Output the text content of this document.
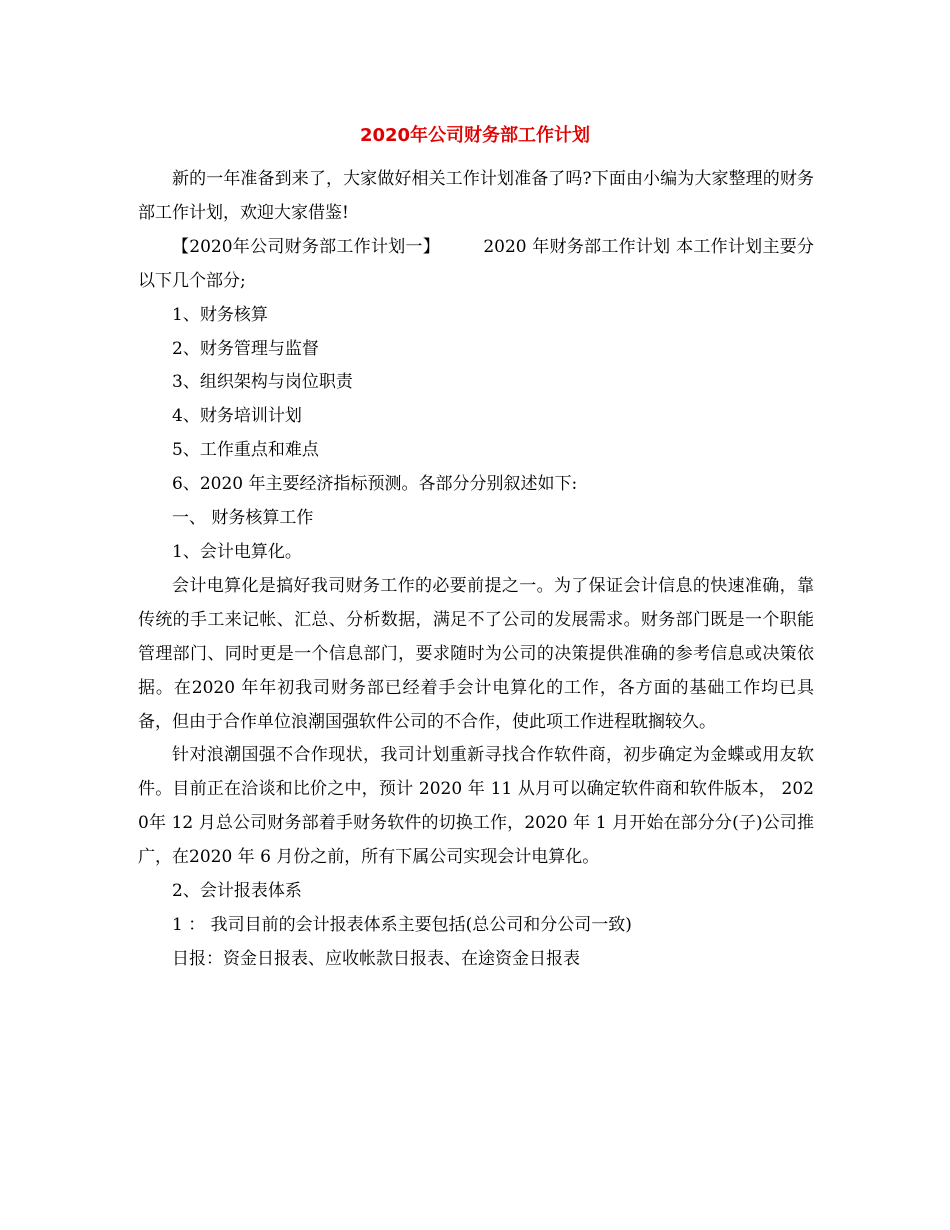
2020年公司财务部工作计划

新的一年准备到来了，大家做好相关工作计划准备了吗?下面由小编为大家整理的财务部工作计划，欢迎大家借鉴!

【2020年公司财务部工作计划一】　　　2020 年财务部工作计划 本工作计划主要分以下几个部分;

1、财务核算

2、财务管理与监督

3、组织架构与岗位职责

4、财务培训计划

5、工作重点和难点

6、2020 年主要经济指标预测。各部分分别叙述如下:

一、 财务核算工作

1、会计电算化。

会计电算化是搞好我司财务工作的必要前提之一。为了保证会计信息的快速准确，靠传统的手工来记帐、汇总、分析数据，满足不了公司的发展需求。财务部门既是一个职能管理部门、同时更是一个信息部门，要求随时为公司的决策提供准确的参考信息或决策依据。在2020 年年初我司财务部已经着手会计电算化的工作，各方面的基础工作均已具备，但由于合作单位浪潮国强软件公司的不合作，使此项工作进程耽搁较久。

针对浪潮国强不合作现状，我司计划重新寻找合作软件商，初步确定为金蝶或用友软件。目前正在洽谈和比价之中，预计 2020 年 11 从月可以确定软件商和软件版本， 2020年 12 月总公司财务部着手财务软件的切换工作，2020 年 1 月开始在部分分(子)公司推广，在2020 年 6 月份之前，所有下属公司实现会计电算化。

2、会计报表体系

1 ： 我司目前的会计报表体系主要包括(总公司和分公司一致)

日报：资金日报表、应收帐款日报表、在途资金日报表
